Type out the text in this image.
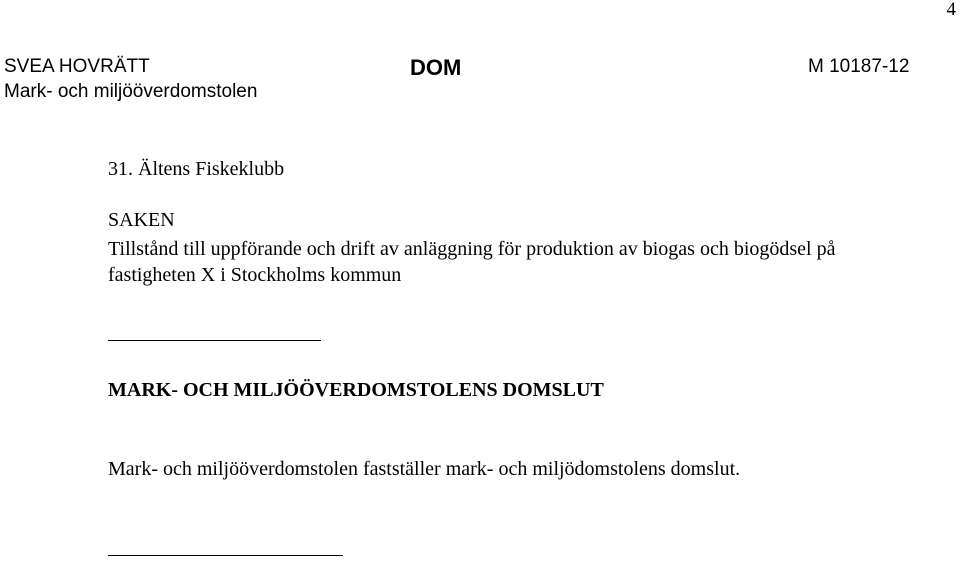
4
SVEA HOVRÄTT
Mark- och miljööverdomstolen
DOM	M 10187-12
31. Ältens Fiskeklubb
SAKEN
Tillstånd till uppförande och drift av anläggning för produktion av biogas och biogödsel på fastigheten X i Stockholms kommun
MARK- OCH MILJÖÖVERDOMSTOLENS DOMSLUT
Mark- och miljööverdomstolen fastställer mark- och miljödomstolens domslut.
